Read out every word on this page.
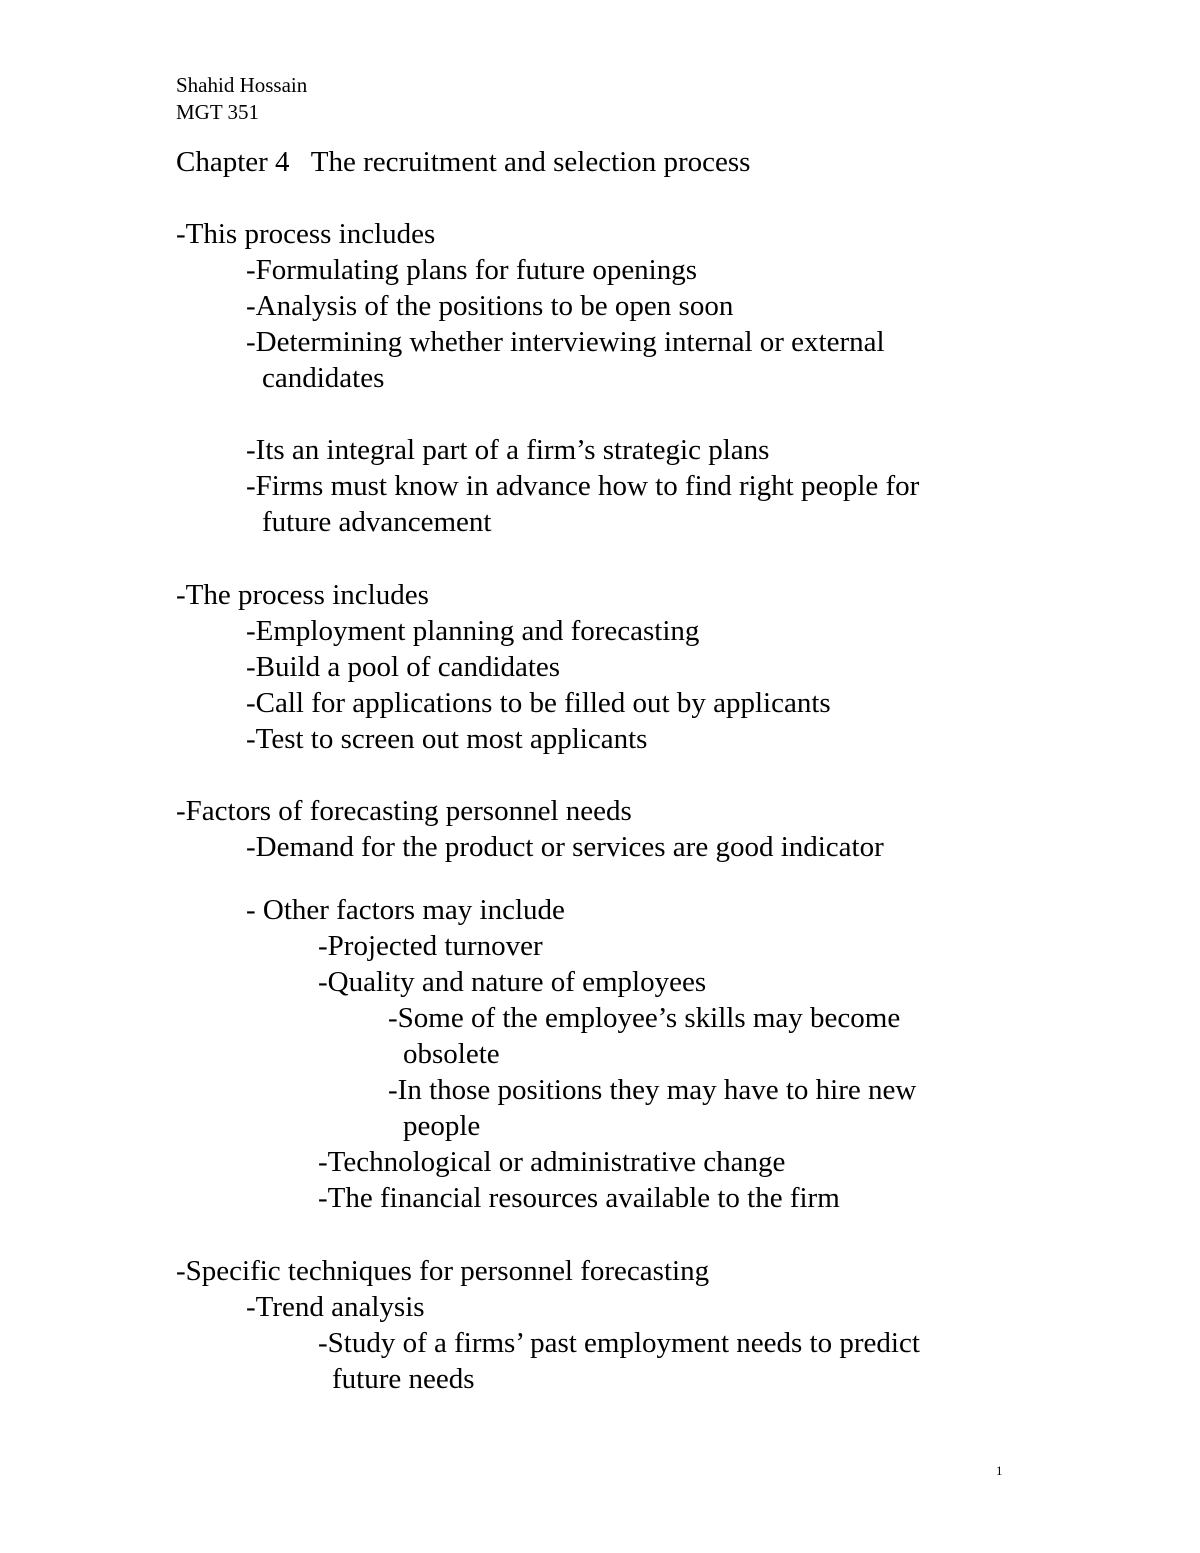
Shahid Hossain
MGT 351
Chapter 4   The recruitment and selection process
-This process includes
-Formulating plans for future openings
-Analysis of the positions to be open soon
-Determining whether interviewing internal or external
candidates
-Its an integral part of a firm’s strategic plans
-Firms must know in advance how to find right people for
future advancement
-The process includes
-Employment planning and forecasting
-Build a pool of candidates
-Call for applications to be filled out by applicants
-Test to screen out most applicants
-Factors of forecasting personnel needs
-Demand for the product or services are good indicator
- Other factors may include
-Projected turnover
-Quality and nature of employees
-Some of the employee’s skills may become
obsolete
-In those positions they may have to hire new
people
-Technological or administrative change
-The financial resources available to the firm
-Specific techniques for personnel forecasting
-Trend analysis
-Study of a firms’ past employment needs to predict
future needs
1
